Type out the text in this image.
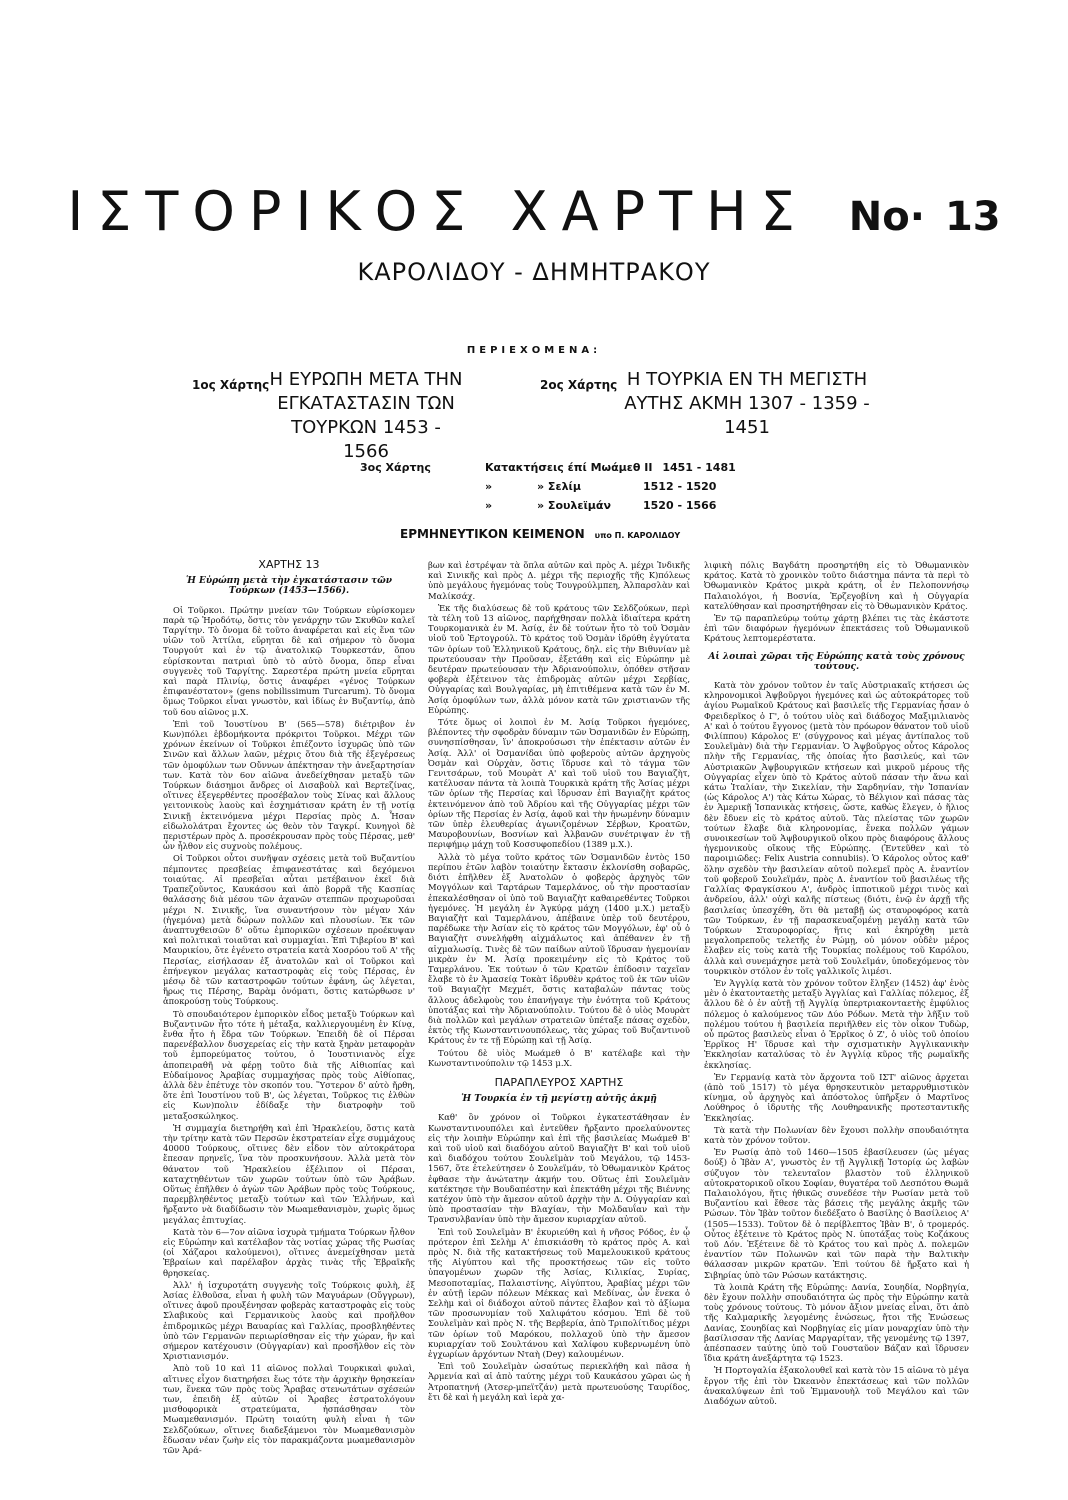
ΙΣΤΟΡΙΚΟΣ ΧΑΡΤΗΣ Νο· 13
ΚΑΡΟΛΙΔΟΥ - ΔΗΜΗΤΡΑΚΟΥ
ΠΕΡΙΕΧΟΜΕΝΑ:
1ος Χάρτης Η ΕΥΡΩΠΗ ΜΕΤΑ ΤΗΝ
ΕΓΚΑΤΑΣΤΑΣΙΝ ΤΩΝ
ΤΟΥΡΚΩΝ 1453 - 1566
2ος Χάρτης Η ΤΟΥΡΚΙΑ ΕΝ ΤΗ ΜΕΓΙΣΤΗ
ΑΥΤΗΣ ΑΚΜΗ 1307 - 1359 - 1451
3ος Χάρτης	Κατακτήσεις έπί Μωάμεθ ΙΙ 1451 - 1481
»	» Σελίμ	1512 - 1520
»	» Σουλεϊμάν	1520 - 1566
ΕΡΜΗΝΕΥΤΙΚΟΝ ΚΕΙΜΕΝΟΝ υπο Π. ΚΑΡΟΛΙΔΟΥ

ΧΑΡΤΗΣ 13

Ἡ Εὐρώπη μετὰ τὴν ἐγκατάστασιν τῶν Τούρκων (1453—1566).

Οἱ Τοῦρκοι. Πρώτην μνείαν τῶν Τούρκων εὑρίσκομεν παρὰ τῷ Ἡροδότῳ, ὅστις τὸν γενάρχην τῶν Σκυθῶν καλεῖ Ταργίτην. Τὸ ὄνομα δὲ τοῦτο ἀναφέρεται καὶ εἰς ἕνα τῶν υἱῶν τοῦ Ἀττίλα, εὕρηται δὲ καὶ σήμερον τὸ ὄνομα Τουργούτ καὶ ἐν τῷ ἀνατολικῷ Τουρκεστάν, ὅπου εὑρίσκονται πατριαὶ ὑπὸ τὸ αὐτὸ ὄνομα, ὅπερ εἶναι συγγενὲς τοῦ Ταργίτης. Σαρεστέρα πρώτη μνεία εὕρηται καὶ παρὰ Πλινίῳ, ὅστις ἀναφέρει «γένος Τούρκων ἐπιφανέστατον» (gens nobilissimum Turcarum). Τὸ ὄνομα ὅμως Τοῦρκοι εἶναι γνωστὸν, καὶ ἰδίως ἐν Βυζαντίῳ, ἀπὸ τοῦ 6ου αἰῶνος μ.Χ.

Ἐπὶ τοῦ Ἰουστίνου Β' (565—578) διέτριβον ἐν Κων)πόλει ἑβδομήκοντα πρόκριτοι Τοῦρκοι. Μέχρι τῶν χρόνων ἐκείνων οἱ Τοῦρκοι ἐπιέζοντο ἰσχυρῶς ὑπὸ τῶν Σινῶν καὶ ἄλλων λαῶν, μέχρις ὅτου διὰ τῆς ἐξεγέρσεως τῶν ὁμοφύλων των Οὔννων ἀπέκτησαν τὴν ἀνεξαρτησίαν των. Κατὰ τὸν 6ον αἰῶνα ἀνεδείχθησαν μεταξὺ τῶν Τούρκων διάσημοι ἄνδρες οἱ Δισαβοὺλ καὶ Βερτεζίνας, οἵτινες ἐξεγερθέντες προσέβαλον τοὺς Σίνας καὶ ἄλλους γειτονικοὺς λαοὺς καὶ ἐσχημάτισαν κράτη ἐν τῇ νοτίᾳ Σινικῇ ἐκτεινόμενα μέχρι Περσίας πρὸς Δ. Ἦσαν εἰδωλολάτραι ἔχοντες ὡς θεὸν τὸν Ταγκρί. Κυνηγοὶ δὲ περιστέρων πρὸς Δ. προσέκρουσαν πρὸς τοὺς Πέρσας, μεθ' ὧν ἦλθον εἰς συχνοὺς πολέμους.

Οἱ Τοῦρκοι οὗτοι συνῆψαν σχέσεις μετὰ τοῦ Βυζαντίου πέμποντες πρεσβείας ἐπιφανεστάτας καὶ δεχόμενοι τοιαύτας. Αἱ πρεσβεῖαι αὗται μετέβαινον ἐκεῖ διὰ Τραπεζοῦντος, Καυκάσου καὶ ἀπὸ βορρᾶ τῆς Κασπίας θαλάσσης διὰ μέσου τῶν ἀχανῶν στεππῶν προχωροῦσαι μέχρι Ν. Σινικῆς, ἵνα συναντήσουν τὸν μέγαν Χάν (ἡγεμόνα) μετὰ δώρων πολλῶν καὶ πλουσίων. Ἐκ τῶν ἀναπτυχθεισῶν δ' οὕτω ἐμπορικῶν σχέσεων προέκυψαν καὶ πολιτικαὶ τοιαῦται καὶ συμμαχίαι. Ἐπὶ Τιβερίου Β' καὶ Μαυρικίου, ὅτε ἐγένετο στρατεία κατὰ Χοσρόου τοῦ Α' τῆς Περσίας, εἰσήλασαν ἐξ ἀνατολῶν καὶ οἱ Τοῦρκοι καὶ ἐπήνεγκον μεγάλας καταστροφὰς εἰς τοὺς Πέρσας, ἐν μέσῳ δὲ τῶν καταστροφῶν τούτων ἐφάνη, ὡς λέγεται, ἥρως τις Πέρσης, Βαρὰμ ὀνόματι, ὅστις κατώρθωσε ν' ἀποκρούσῃ τοὺς Τούρκους.

Τὸ σπουδαιότερον ἐμπορικὸν εἶδος μεταξὺ Τούρκων καὶ Βυζαντινῶν ἦτο τότε ἡ μέταξα, καλλιεργουμένη ἐν Κίνᾳ, ἔνθα ἦτο ἡ ἕδρα τῶν Τούρκων. Ἐπειδὴ δὲ οἱ Πέρσαι παρενέβαλλον δυσχερείας εἰς τὴν κατὰ ξηρὰν μεταφορὰν τοῦ ἐμπορεύματος τούτου, ὁ Ἰουστινιανὸς εἶχε ἀποπειραθῆ νὰ φέρῃ τοῦτο διὰ τῆς Αἰθιοπίας καὶ Εὐδαίμονος Ἀραβίας συμμαχήσας πρὸς τοὺς Αἰθίοπας, ἀλλὰ δὲν ἐπέτυχε τὸν σκοπόν του. Ὕστερον δ' αὐτὸ ἤρθη, ὅτε ἐπὶ Ἰουστίνου τοῦ Β', ὡς λέγεται, Τοῦρκος τις ἐλθὼν εἰς Κων)πολιν ἐδίδαξε τὴν διατροφὴν τοῦ μεταξοσκώληκος.

Ἡ συμμαχία διετηρήθη καὶ ἐπὶ Ἡρακλείου, ὅστις κατὰ τὴν τρίτην κατὰ τῶν Περσῶν ἐκστρατείαν εἶχε συμμάχους 40000 Τούρκους, οἵτινες δὲν εἶδον τὸν αὐτοκράτορα ἔπεσαν πρηνεῖς, ἵνα τὸν προσκυνήσουν. Ἀλλὰ μετὰ τὸν θάνατον τοῦ Ἡρακλείου ἐξέλιπον οἱ Πέρσαι, καταχτηθέντων τῶν χωρῶν τούτων ὑπὸ τῶν Ἀράβων. Οὕτως ἐπῆλθεν ὁ ἀγὼν τῶν Ἀράβων πρὸς τοὺς Τούρκους, παρεμβληθέντος μεταξὺ τούτων καὶ τῶν Ἑλλήνων, καὶ ἤρξαντο νὰ διαδίδωσιν τὸν Μωαμεθανισμὸν, χωρὶς ὅμως μεγάλας ἐπιτυχίας.

Κατὰ τὸν 6—7ον αἰῶνα ἰσχυρὰ τμήματα Τούρκων ἦλθον εἰς Εὐρώπην καὶ κατέλαβον τὰς νοτίας χώρας τῆς Ρωσίας (οἱ Χάζαροι καλούμενοι), οἵτινες ἀνεμείχθησαν μετὰ Ἑβραίων καὶ παρέλαβον ἀρχὰς τινὰς τῆς Ἑβραϊκῆς θρησκείας.

Ἀλλ' ἡ ἰσχυροτάτη συγγενὴς τοῖς Τούρκοις φυλὴ, ἐξ Ἀσίας ἐλθοῦσα, εἶναι ἡ φυλὴ τῶν Μαγυάρων (Οὔγγρων), οἵτινες ἀφοῦ προυξένησαν φοβερὰς καταστροφὰς εἰς τοὺς Σλαβικοὺς καὶ Γερμανικοὺς λαοὺς καὶ προῆλθον ἐπιδρομικῶς μέχρι Βαυαρίας καὶ Γαλλίας, προσβληθέντες ὑπὸ τῶν Γερμανῶν περιωρίσθησαν εἰς τὴν χώραν, ἣν καὶ σήμερον κατέχουσιν (Οὐγγαρίαν) καὶ προσῆλθον εἰς τὸν Χριστιανισμόν.

Ἀπὸ τοῦ 10 καὶ 11 αἰῶνος πολλαὶ Τουρκικαὶ φυλαὶ, αἵτινες εἶχον διατηρήσει ἕως τότε τὴν ἀρχικὴν θρησκείαν των, ἕνεκα τῶν πρὸς τοὺς Ἄραβας στενωτάτων σχέσεών των, ἐπειδὴ ἐξ αὐτῶν οἱ Ἄραβες ἐστρατολόγουν μισθοφορικὰ στρατεύματα, ἠσπάσθησαν τὸν Μωαμεθανισμόν. Πρώτη τοιαύτη φυλὴ εἶναι ἡ τῶν Σελδζούκων, οἵτινες διαδεξάμενοι τὸν Μωαμεθανισμὸν ἔδωσαν νέαν ζωὴν εἰς τὸν παρακμάζοντα μωαμεθανισμὸν τῶν Ἀρά-

βων καὶ ἐστρέψαν τὰ ὅπλα αὐτῶν καὶ πρὸς Α. μέχρι Ἰνδικῆς καὶ Σινικῆς καὶ πρὸς Δ. μέχρι τῆς περιοχῆς τῆς Κ)πόλεως ὑπὸ μεγάλους ἡγεμόνας τοὺς Τουγρούλμπεη, Ἀλπαρσλὰν καὶ Μαλίκσάχ.

Ἐκ τῆς διαλύσεως δὲ τοῦ κράτους τῶν Σελδζούκων, περὶ τὰ τέλη τοῦ 13 αἰῶνος, παρήχθησαν πολλὰ ἰδιαίτερα κράτη Τουρκομανικὰ ἐν Μ. Ἀσίᾳ, ἐν δὲ τούτων ἦτο τὸ τοῦ Ὀσμὰν υἱοῦ τοῦ Ἐρτογρούλ. Τὸ κράτος τοῦ Ὀσμὰν ἱδρύθη ἐγγύτατα τῶν ὁρίων τοῦ Ἑλληνικοῦ Κράτους, δηλ. εἰς τὴν Βιθυνίαν μὲ πρωτεύουσαν τὴν Προῦσαν, ἐξετάθη καὶ εἰς Εὐρώπην μὲ δευτέραν πρωτεύουσαν τὴν Ἀδριανούπολιν, ὁπόθεν στῆσαν φοβερὰ ἐξέτεινον τὰς ἐπιδρομὰς αὐτῶν μέχρι Σερβίας, Οὐγγαρίας καὶ Βουλγαρίας, μὴ ἐπιτιθέμενα κατὰ τῶν ἐν Μ. Ἀσίᾳ ὁμοφύλων των, ἀλλὰ μόνον κατὰ τῶν χριστιανῶν τῆς Εὐρώπης.

Τότε ὅμως οἱ λοιποὶ ἐν Μ. Ἀσίᾳ Τοῦρκοι ἡγεμόνες, βλέποντες τὴν σφοδρὰν δύναμιν τῶν Ὀσμανιδῶν ἐν Εὐρώπῃ, συνησπίσθησαν, ἵν' ἀποκρούσωσι τὴν ἐπέκτασιν αὐτῶν ἐν Ἀσίᾳ. Ἀλλ' οἱ Ὀσμανίδαι ὑπὸ φοβεροὺς αὐτῶν ἀρχηγοὺς Ὀσμὰν καὶ Οὐρχὰν, ὅστις ἵδρυσε καὶ τὸ τάγμα τῶν Γενιτσάρων, τοῦ Μουρὰτ Α' καὶ τοῦ υἱοῦ του Βαγιαζὴτ, κατέλυσαν πάντα τὰ λοιπὰ Τουρκικὰ κράτη τῆς Ἀσίας μέχρι τῶν ὁρίων τῆς Περσίας καὶ ἵδρυσαν ἐπὶ Βαγιαζὴτ κράτος ἐκτεινόμενον ἀπὸ τοῦ Ἀδρίου καὶ τῆς Οὐγγαρίας μέχρι τῶν ὁρίων τῆς Περσίας ἐν Ἀσίᾳ, ἀφοῦ καὶ τὴν ἡνωμένην δύναμιν τῶν ὑπὲρ ἐλευθερίας ἀγωνιζομένων Σέρβων, Κροατῶν, Μαυροβουνίων, Βοσνίων καὶ Ἀλβανῶν συνέτριψαν ἐν τῇ περιφήμῳ μάχῃ τοῦ Κοσσυφοπεδίου (1389 μ.Χ.).

Ἀλλὰ τὸ μέγα τοῦτο κράτος τῶν Ὀσμανιδῶν ἐντὸς 150 περίπου ἐτῶν λαβὸν τοιαύτην ἔκτασιν ἐκλονίσθη σοβαρῶς, διότι ἐπῆλθεν ἐξ Ἀνατολῶν ὁ φοβερὸς ἀρχηγὸς τῶν Μογγόλων καὶ Ταρτάρων Ταμερλάνος, οὗ τὴν προστασίαν ἐπεκαλέσθησαν οἱ ὑπὸ τοῦ Βαγιαζὴτ καθαιρεθέντες Τοῦρκοι ἡγεμόνες. Ἡ μεγάλη ἐν Ἀγκύρᾳ μάχη (1400 μ.Χ.) μεταξὺ Βαγιαζὴτ καὶ Ταμερλάνου, ἀπέβαινε ὑπὲρ τοῦ δευτέρου, παρέδωκε τὴν Ἀσίαν εἰς τὸ κράτος τῶν Μογγόλων, ἐφ' οὗ ὁ Βαγιαζὴτ συνελήφθη αἰχμάλωτος καὶ ἀπέθανεν ἐν τῇ αἰχμαλωσίᾳ. Τινὲς δὲ τῶν παίδων αὐτοῦ ἵδρυσαν ἡγεμονίαν μικρὰν ἐν Μ. Ἀσίᾳ προκειμένην εἰς τὸ Κράτος τοῦ Ταμερλάνου. Ἐκ τούτων ὁ τῶν Κρατῶν ἐπίδοσιν ταχεῖαν ἔλαβε τὸ ἐν Ἀμασείᾳ Τοκὰτ ἱδρυθὲν κράτος τοῦ ἐκ τῶν υἱῶν τοῦ Βαγιαζὴτ Μεχμέτ, ὅστις καταβαλὼν πάντας τοὺς ἄλλους ἀδελφοὺς του ἐπανήγαγε τὴν ἑνότητα τοῦ Κράτους ὑποτάξας καὶ τὴν Ἀδριανούπολιν. Τούτου δὲ ὁ υἱὸς Μουρὰτ διὰ πολλῶν καὶ μεγάλων στρατειῶν ὑπέταξε πάσας σχεδὸν, ἐκτὸς τῆς Κωνσταντινουπόλεως, τὰς χώρας τοῦ Βυζαντινοῦ Κράτους ἐν τε τῇ Εὐρώπῃ καὶ τῇ Ἀσίᾳ.

Τούτου δὲ υἱὸς Μωάμεθ ὁ Β' κατέλαβε καὶ τὴν Κωνσταντινούπολιν τῷ 1453 μ.Χ.

ΠΑΡΑΠΛΕΥΡΟΣ ΧΑΡΤΗΣ

Ἡ Τουρκία ἐν τῇ μεγίστῃ αὐτῆς ἀκμῇ

Καθ' ὃν χρόνον οἱ Τοῦρκοι ἐγκατεστάθησαν ἐν Κωνσταντινουπόλει καὶ ἐντεῦθεν ἤρξαντο προελαύνοντες εἰς τὴν λοιπὴν Εὐρώπην καὶ ἐπὶ τῆς βασιλείας Μωάμεθ Β' καὶ τοῦ υἱοῦ καὶ διαδόχου αὐτοῦ Βαγιαζὴτ Β' καὶ τοῦ υἱοῦ καὶ διαδόχου τούτου Σουλεϊμὰν τοῦ Μεγάλου, τῷ 1453-1567, ὅτε ἐτελεύτησεν ὁ Σουλεϊμάν, τὸ Ὀθωμανικὸν Κράτος ἐφθασε τὴν ἀνώτατην ἀκμήν του. Οὕτως ἐπὶ Σουλεϊμὰν κατέκτησε τὴν Βουδαπέστην καὶ ἐπεκτάθη μέχρι τῆς Βιέννης κατέχον ὑπὸ τὴν ἄμεσον αὐτοῦ ἀρχὴν τὴν Δ. Οὐγγαρίαν καὶ ὑπὸ προστασίαν τὴν Βλαχίαν, τὴν Μολδαυΐαν καὶ τὴν Τρανσυλβανίαν ὑπὸ τὴν ἄμεσον κυριαρχίαν αὐτοῦ.

Ἐπὶ τοῦ Σουλεϊμὰν Β' ἐκυριεύθη καὶ ἡ νῆσος Ρόδος, ἐν ᾧ πρότερον ἐπὶ Σελὴμ Α' ἐπισκιάσθη τὸ κράτος πρὸς Α. καὶ πρὸς Ν. διὰ τῆς κατακτήσεως τοῦ Μαμελουκικοῦ κράτους τῆς Αἰγύπτου καὶ τῆς προσκτήσεως τῶν εἰς τοῦτο ὑπαγομένων χωρῶν τῆς Ἀσίας, Κιλικίας, Συρίας, Μεσοποταμίας, Παλαιστίνης, Αἰγύπτου, Ἀραβίας μέχρι τῶν ἐν αὐτῇ ἱερῶν πόλεων Μέκκας καὶ Μεδίνας, ὧν ἕνεκα ὁ Σελὴμ καὶ οἱ διάδοχοι αὐτοῦ πάντες ἔλαβον καὶ τὸ ἀξίωμα τῶν προσωνυμίαν τοῦ Χαλιφάτου κόσμου. Ἐπὶ δὲ τοῦ Σουλεϊμὰν καὶ πρὸς Ν. τῆς Βερβερία, ἀπὸ Τριπολίτιδος μέχρι τῶν ὁρίων τοῦ Μαρόκου, πολλαχοῦ ὑπὸ τὴν ἄμεσον κυριαρχίαν τοῦ Σουλτάνου καὶ Χαλίφου κυβερνωμένη ὑπὸ ἐγχωρίων ἀρχόντων Νταὴ (Dey) καλουμένων.

Ἐπὶ τοῦ Σουλεϊμὰν ὡσαύτως περιεκλήθη καὶ πᾶσα ἡ Ἀρμενία καὶ αἱ ἀπὸ ταύτης μέχρι τοῦ Καυκάσου χῶραι ὡς ἡ Ἀτροπατηνή (Ἀτσερ-μπεϊτζάν) μετὰ πρωτευούσης Ταυρίδος, ἔτι δὲ καὶ ἡ μεγάλη καὶ ἱερὰ χα-

λιφικὴ πόλις Βαγδάτη προσηρτήθη εἰς τὸ Ὀθωμανικὸν κράτος. Κατὰ τὸ χρονικὸν τοῦτο διάστημα πάντα τὰ περὶ τὸ Ὀθωμανικὸν Κράτος μικρὰ κράτη, οἷ ἐν Πελοποννήσῳ Παλαιολόγοι, ἡ Βοσνία, Ἑρζεγοβίνη καὶ ἡ Οὐγγαρία κατελύθησαν καὶ προσηρτήθησαν εἰς τὸ Ὀθωμανικὸν Κράτος.

Ἐν τῷ παραπλεύρῳ τούτῳ χάρτῃ βλέπει τις τὰς ἑκάστοτε ἐπὶ τῶν διαφόρων ἡγεμόνων ἐπεκτάσεις τοῦ Ὀθωμανικοῦ Κράτους λεπτομερέστατα.

Αἱ λοιπαὶ χῶραι τῆς Εὐρώπης κατὰ τοὺς χρόνους τούτους.

Κατὰ τὸν χρόνον τοῦτον ἐν ταῖς Αὐστριακαῖς κτήσεσι ὡς κληρονομικοὶ Ἀψβοῦργοι ἡγεμόνες καὶ ὡς αὐτοκράτορες τοῦ ἁγίου Ρωμαϊκοῦ Κράτους καὶ βασιλεῖς τῆς Γερμανίας ἦσαν ὁ Φρειδερῖκος ὁ Γ', ὁ τούτου υἱὸς καὶ διάδοχος Μαξιμιλιανὸς Α' καὶ ὁ τούτου ἔγγονος (μετὰ τὸν πρόωρον θάνατον τοῦ υἱοῦ Φιλίππου) Κάρολος Ε' (σύγχρονος καὶ μέγας ἀντίπαλος τοῦ Σουλεϊμὰν) διὰ τὴν Γερμανίαν. Ὁ Ἀψβοῦργος οὗτος Κάρολος πλὴν τῆς Γερμανίας, τῆς ὁποίας ἦτο βασιλεύς, καὶ τῶν Αὐστριακῶν Ἀψβουργικῶν κτήσεων καὶ μικροῦ μέρους τῆς Οὐγγαρίας εἶχεν ὑπὸ τὸ Κράτος αὐτοῦ πάσαν τὴν ἄνω καὶ κάτω Ἰταλίαν, τὴν Σικελίαν, τὴν Σαρδηνίαν, τὴν Ἱσπανίαν (ὡς Κάρολος Α') τὰς Κάτω Χώρας, τὸ Βέλγιον καὶ πάσας τὰς ἐν Ἀμερικῇ Ἱσπανικὰς κτήσεις, ὥστε, καθὼς ἔλεγεν, ὁ ἥλιος δὲν ἔδυεν εἰς τὸ κράτος αὐτοῦ. Τὰς πλείστας τῶν χωρῶν τούτων ἔλαβε διὰ κληρονομίας, ἕνεκα πολλῶν γάμων συνοικεσίων τοῦ Ἀψβουργικοῦ οἴκου πρὸς διαφόρους ἄλλους ἡγεμονικοὺς οἴκους τῆς Εὐρώπης. (Ἐντεῦθεν καὶ τὸ παροιμιῶδες: Felix Austria connubiis). Ὁ Κάρολος οὗτος καθ' ὅλην σχεδὸν τὴν βασιλείαν αὐτοῦ πολεμεῖ πρὸς Α. ἐναντίον τοῦ φοβεροῦ Σουλεϊμάν, πρὸς Δ. ἐναντίον τοῦ βασιλέως τῆς Γαλλίας Φραγκίσκου Α', ἀνδρὸς ἱπποτικοῦ μέχρι τινὸς καὶ ἀνδρείου, ἀλλ' οὐχὶ καλῆς πίστεως (διότι, ἐνῷ ἐν ἀρχῇ τῆς βασιλείας ὑπεσχέθη, ὅτι θὰ μεταβῇ ὡς σταυροφόρος κατὰ τῶν Τούρκων, ἐν τῇ παρασκευαζομένῃ μεγάλῃ κατὰ τῶν Τούρκων Σταυροφορίας, ἥτις καὶ ἐκηρύχθη μετὰ μεγαλοπρεποῦς τελετῆς ἐν Ρώμῃ, οὐ μόνον οὐδὲν μέρος ἔλαβεν εἰς τοὺς κατὰ τῆς Τουρκίας πολέμους τοῦ Καρόλου, ἀλλὰ καὶ συνεμάχησε μετὰ τοῦ Σουλεϊμάν, ὑποδεχόμενος τὸν τουρκικὸν στόλον ἐν τοῖς γαλλικοῖς λιμέσι.

Ἐν Ἀγγλίᾳ κατὰ τὸν χρόνον τοῦτον ἔληξεν (1452) ἀφ' ἑνὸς μὲν ὁ ἑκατονταετὴς μεταξὺ Ἀγγλίας καὶ Γαλλίας πόλεμος, ἐξ ἄλλου δὲ ὁ ἐν αὐτῇ τῇ Ἀγγλίᾳ ὑπερτριακονταετὴς ἐμφύλιος πόλεμος ὁ καλούμενος τῶν Δύο Ρόδων. Μετὰ τὴν λῆξιν τοῦ πολέμου τούτου ἡ βασιλεία περιῆλθεν εἰς τὸν οἶκον Τυδὼρ, οὗ πρῶτος βασιλεὺς εἶναι ὁ Ἑρρῖκος ὁ Ζ', ὁ υἱὸς τοῦ ὁποίου Ἑρρῖκος Η' ἵδρυσε καὶ τὴν σχισματικὴν Ἀγγλικανικὴν Ἐκκλησίαν καταλύσας τὸ ἐν Ἀγγλίᾳ κῦρος τῆς ρωμαϊκῆς ἐκκλησίας.

Ἐν Γερμανίᾳ κατὰ τὸν ἄρχοντα τοῦ ΙΣΤ' αἰῶνος ἀρχεται (ἀπὸ τοῦ 1517) τὸ μέγα θρησκευτικὸν μεταρρυθμιστικὸν κίνημα, οὗ ἀρχηγὸς καὶ ἀπόστολος ὑπῆρξεν ὁ Μαρτῖνος Λούθηρος ὁ ἱδρυτὴς τῆς Λουθηρανικῆς προτεσταντικῆς Ἐκκλησίας.

Τὰ κατὰ τὴν Πολωνίαν δὲν ἔχουσι πολλὴν σπουδαιότητα κατὰ τὸν χρόνον τοῦτον.

Ἐν Ρωσίᾳ ἀπὸ τοῦ 1460—1505 ἐβασίλευσεν (ὡς μέγας δούξ) ὁ Ἰβὰν Α', γνωστὸς ἐν τῇ Ἀγγλικῇ Ἱστορίᾳ ὡς λαβὼν σύζυγον τὸν τελευταῖον βλαστὸν τοῦ ἑλληνικοῦ αὐτοκρατορικοῦ οἴκου Σοφίαν, θυγατέρα τοῦ Δεσπότου Θωμᾶ Παλαιολόγου, ἥτις ἠθικῶς συνεδέσε τὴν Ρωσίαν μετὰ τοῦ Βυζαντίου καὶ ἔθεσε τὰς βάσεις τῆς μεγάλης ἀκμῆς τῶν Ρώσων. Τὸν Ἰβὰν τοῦτον διεδέξατο ὁ Βασίλης ὁ Βασίλειος Α' (1505—1533). Τοῦτον δὲ ὁ περίβλεπτος Ἰβὰν Β', ὁ τρομερός. Οὗτος ἐξέτεινε τὸ Κράτος πρὸς Ν. ὑποτάξας τοὺς Κοζάκους τοῦ Δόν. Ἐξέτεινε δὲ τὸ Κράτος του καὶ πρὸς Δ. πολεμῶν ἐναντίον τῶν Πολωνῶν καὶ τῶν παρὰ τὴν Βαλτικὴν θάλασσαν μικρῶν κρατῶν. Ἐπὶ τούτου δὲ ἤρξατο καὶ ἡ Σιβηρίας ὑπὸ τῶν Ρώσων κατάκτησις.

Τὰ λοιπὰ Κράτη τῆς Εὐρώπης: Δανία, Σουηδία, Νορβηγία, δὲν ἔχουν πολλὴν σπουδαιότητα ὡς πρὸς τὴν Εὐρώπην κατὰ τοὺς χρόνους τούτους. Τὸ μόνον ἄξιον μνείας εἶναι, ὅτι ἀπὸ τῆς Καλμαρικῆς λεγομένης ἐνώσεως, ἤτοι τῆς Ἑνώσεως Δανίας, Σουηδίας καὶ Νορβηγίας εἰς μίαν μοναρχίαν ὑπὸ τὴν βασίλισσαν τῆς Δανίας Μαργαρίταν, τῆς γενομένης τῷ 1397, ἀπέσπασεν ταύτης ὑπὸ τοῦ Γουσταῦον Βάζαν καὶ ἵδρυσεν ἴδια κράτη ἀνεξάρτητα τῷ 1523.

Ἡ Πορτογαλία ἐξακολουθεῖ καὶ κατὰ τὸν 15 αἰῶνα τὸ μέγα ἔργον τῆς ἐπὶ τὸν Ὠκεανὸν ἐπεκτάσεως καὶ τῶν πολλῶν ἀνακαλύψεων ἐπὶ τοῦ Ἐμμανουὴλ τοῦ Μεγάλου καὶ τῶν Διαδόχων αὐτοῦ.
